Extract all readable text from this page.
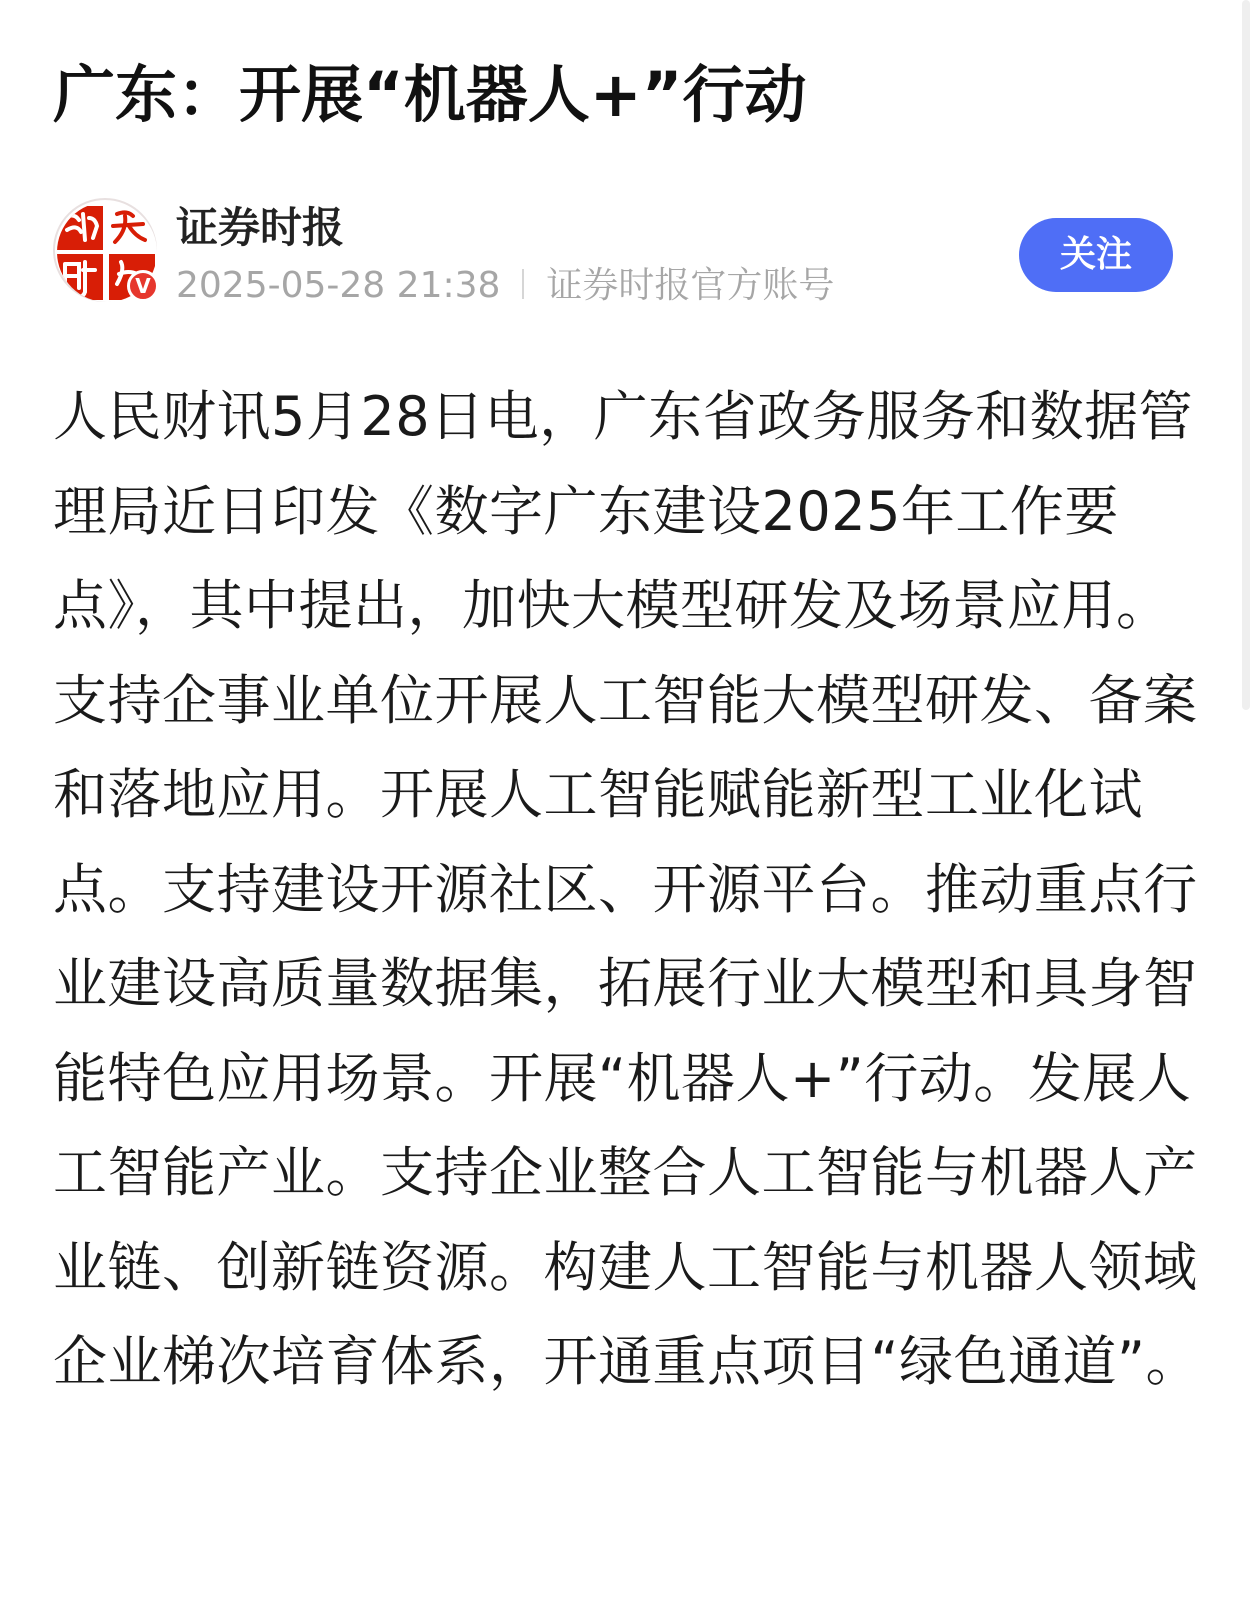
广东：开展“机器人+”行动
V
证券时报
2025-05-28 21:38 证券时报官方账号
关注

人民财讯5月28日电，广东省政务服务和数据管理局近日印发《数字广东建设2025年工作要点》，其中提出，加快大模型研发及场景应用。支持企事业单位开展人工智能大模型研发、备案和落地应用。开展人工智能赋能新型工业化试点。支持建设开源社区、开源平台。推动重点行业建设高质量数据集，拓展行业大模型和具身智能特色应用场景。开展“机器人+”行动。发展人工智能产业。支持企业整合人工智能与机器人产业链、创新链资源。构建人工智能与机器人领域企业梯次培育体系，开通重点项目“绿色通道”。
